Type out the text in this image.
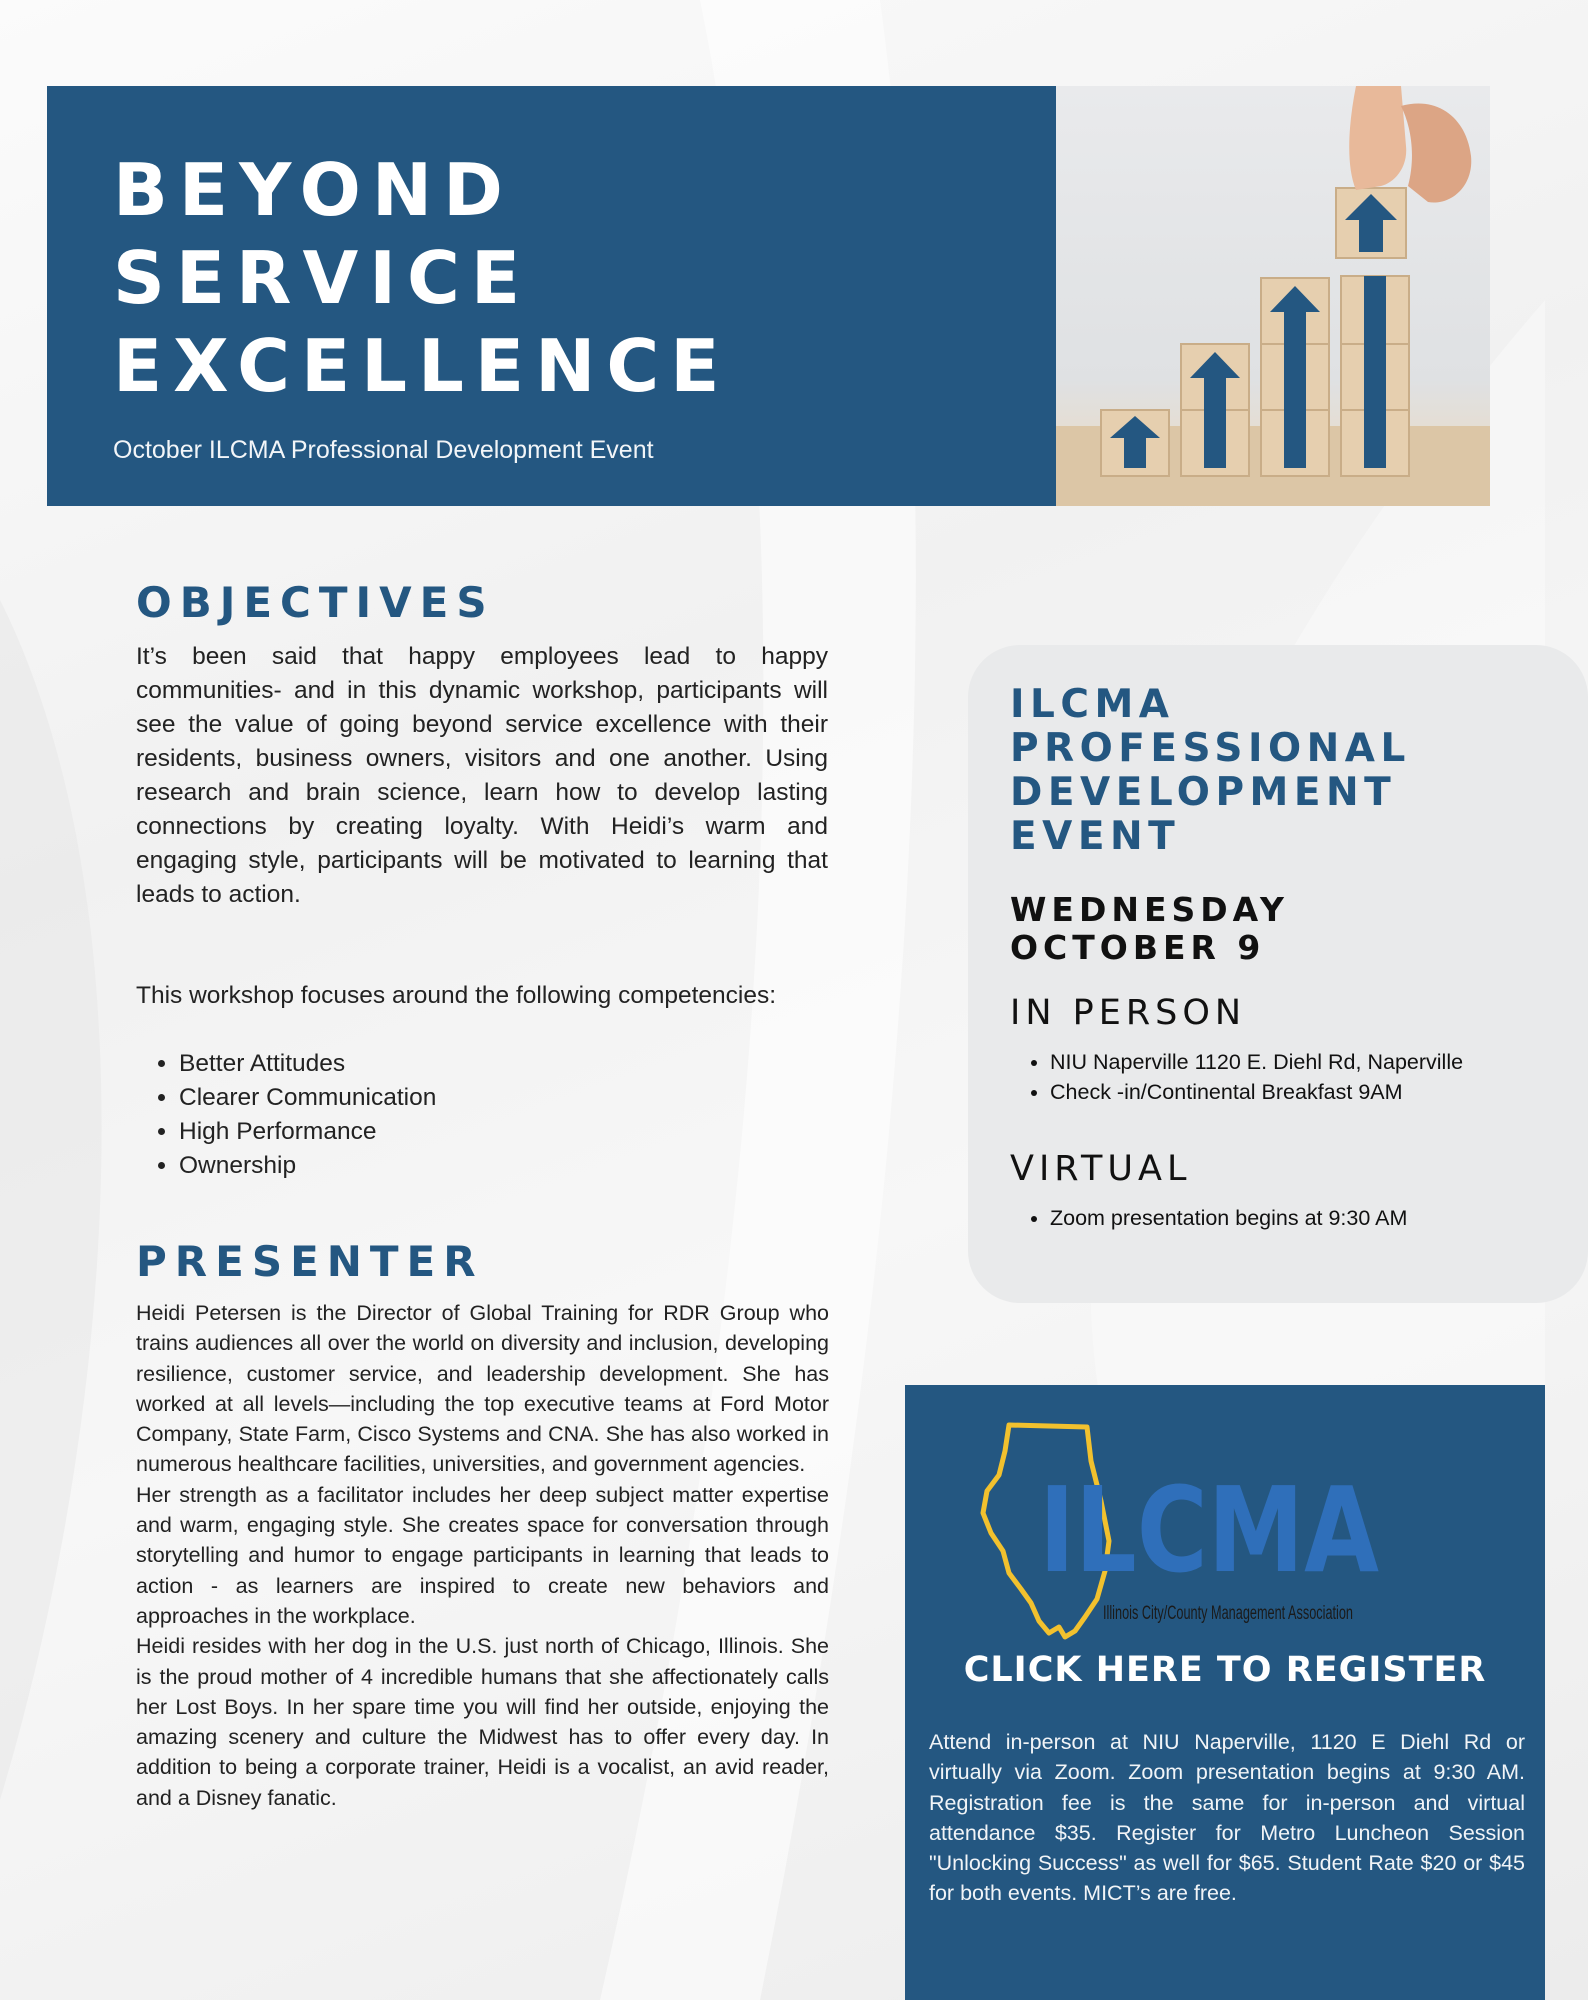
BEYOND
SERVICE
EXCELLENCE
October ILCMA Professional Development Event
OBJECTIVES

It’s been said that happy employees lead to happy communities- and in this dynamic workshop, participants will see the value of going beyond service excellence with their residents, business owners, visitors and one another. Using research and brain science, learn how to develop lasting connections by creating loyalty. With Heidi’s warm and engaging style, participants will be motivated to learning that leads to action.

This workshop focuses around the following competencies:

• Better Attitudes
• Clearer Communication
• High Performance
• Ownership
PRESENTER

Heidi Petersen is the Director of Global Training for RDR Group who trains audiences all over the world on diversity and inclusion, developing resilience, customer service, and leadership development. She has worked at all levels—including the top executive teams at Ford Motor Company, State Farm, Cisco Systems and CNA. She has also worked in numerous healthcare facilities, universities, and government agencies.

Her strength as a facilitator includes her deep subject matter expertise and warm, engaging style. She creates space for conversation through storytelling and humor to engage participants in learning that leads to action - as learners are inspired to create new behaviors and approaches in the workplace.

Heidi resides with her dog in the U.S. just north of Chicago, Illinois. She is the proud mother of 4 incredible humans that she affectionately calls her Lost Boys. In her spare time you will find her outside, enjoying the amazing scenery and culture the Midwest has to offer every day. In addition to being a corporate trainer, Heidi is a vocalist, an avid reader, and a Disney fanatic.

ILCMA
PROFESSIONAL
DEVELOPMENT
EVENT
WEDNESDAY
OCTOBER 9
IN PERSON
• NIU Naperville 1120 E. Diehl Rd, Naperville
• Check -in/Continental Breakfast 9AM
VIRTUAL
• Zoom presentation begins at 9:30 AM
ILCMA
Illinois City/County Management Association
CLICK HERE TO REGISTER

Attend in-person at NIU Naperville, 1120 E Diehl Rd or virtually via Zoom. Zoom presentation begins at 9:30 AM. Registration fee is the same for in-person and virtual attendance $35. Register for Metro Luncheon Session "Unlocking Success" as well for $65. Student Rate $20 or $45 for both events. MICT’s are free.
